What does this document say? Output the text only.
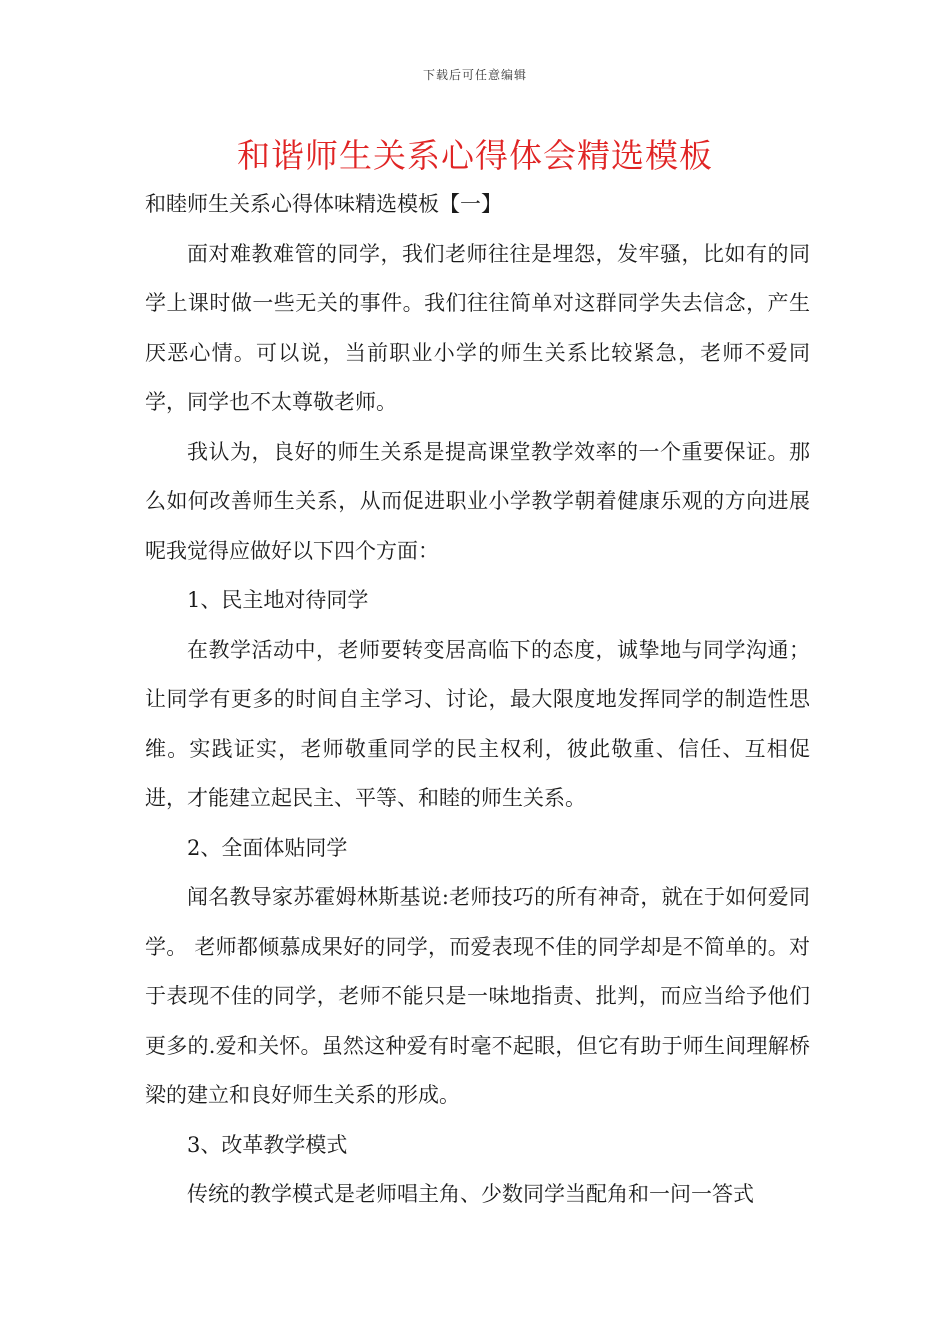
下载后可任意编辑
和谐师生关系心得体会精选模板

和睦师生关系心得体味精选模板【一】

面对难教难管的同学，我们老师往往是埋怨，发牢骚，比如有的同学上课时做一些无关的事件。我们往往简单对这群同学失去信念，产生厌恶心情。可以说，当前职业小学的师生关系比较紧急，老师不爱同学，同学也不太尊敬老师。

我认为，良好的师生关系是提高课堂教学效率的一个重要保证。那么如何改善师生关系，从而促进职业小学教学朝着健康乐观的方向进展呢我觉得应做好以下四个方面：

1、民主地对待同学

在教学活动中，老师要转变居高临下的态度，诚挚地与同学沟通；让同学有更多的时间自主学习、讨论，最大限度地发挥同学的制造性思维。实践证实，老师敬重同学的民主权利，彼此敬重、信任、互相促进，才能建立起民主、平等、和睦的师生关系。

2、全面体贴同学

闻名教导家苏霍姆林斯基说:老师技巧的所有神奇，就在于如何爱同学。 老师都倾慕成果好的同学，而爱表现不佳的同学却是不简单的。对于表现不佳的同学，老师不能只是一味地指责、批判，而应当给予他们更多的.爱和关怀。虽然这种爱有时毫不起眼，但它有助于师生间理解桥梁的建立和良好师生关系的形成。

3、改革教学模式

传统的教学模式是老师唱主角、少数同学当配角和一问一答式
